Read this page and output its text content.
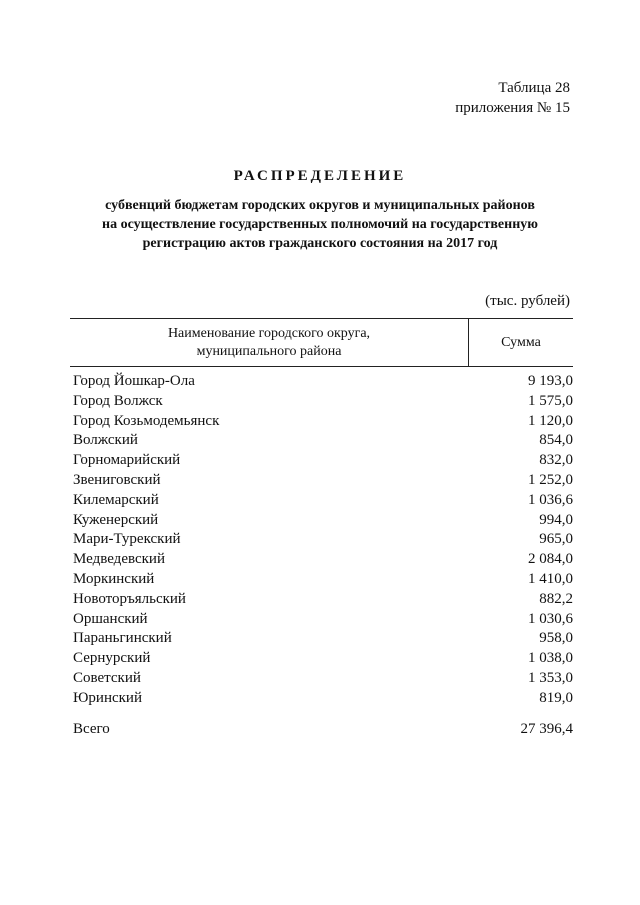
Таблица 28
приложения № 15
РАСПРЕДЕЛЕНИЕ
субвенций бюджетам городских округов и муниципальных районов
на осуществление государственных полномочий на государственную
регистрацию актов гражданского состояния на 2017 год
(тыс. рублей)
Наименование городского округа,
муниципального района
Сумма
Город Йошкар-Ола	9 193,0
Город Волжск	1 575,0
Город Козьмодемьянск	1 120,0
Волжский	854,0
Горномарийский	832,0
Звениговский	1 252,0
Килемарский	1 036,6
Куженерский	994,0
Мари-Турекский	965,0
Медведевский	2 084,0
Моркинский	1 410,0
Новоторъяльский	882,2
Оршанский	1 030,6
Параньгинский	958,0
Сернурский	1 038,0
Советский	1 353,0
Юринский	819,0
Всего	27 396,4
